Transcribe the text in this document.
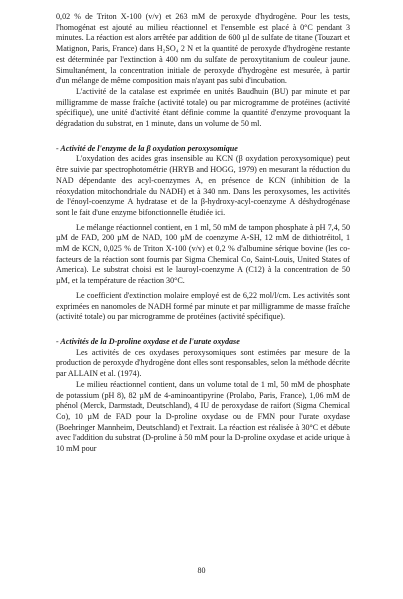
0,02 % de Triton X-100 (v/v) et 263 mM de peroxyde d'hydrogène. Pour les tests, l'homogénat est ajouté au milieu réactionnel et l'ensemble est placé à 0°C pendant 3 minutes. La réaction est alors arrêtée par addition de 600 µl de sulfate de titane (Touzart et Matignon, Paris, France) dans H₂SO₄ 2 N et la quantité de peroxyde d'hydrogène restante est déterminée par l'extinction à 400 nm du sulfate de peroxytitanium de couleur jaune. Simultanément, la concentration initiale de peroxyde d'hydrogène est mesurée, à partir d'un mélange de même composition mais n'ayant pas subi d'incubation.

L'activité de la catalase est exprimée en unités Baudhuin (BU) par minute et par milligramme de masse fraîche (activité totale) ou par microgramme de protéines (activité spécifique), une unité d'activité étant définie comme la quantité d'enzyme provoquant la dégradation du substrat, en 1 minute, dans un volume de 50 ml.

- Activité de l'enzyme de la β oxydation peroxysomique

L'oxydation des acides gras insensible au KCN (β oxydation peroxysomique) peut être suivie par spectrophotométrie (HRYB and HOGG, 1979) en mesurant la réduction du NAD dépendante des acyl-coenzymes A, en présence de KCN (inhibition de la réoxydation mitochondriale du NADH) et à 340 nm. Dans les peroxysomes, les activités de l'énoyl-coenzyme A hydratase et de la β-hydroxy-acyl-coenzyme A déshydrogénase sont le fait d'une enzyme bifonctionnelle étudiée ici.

Le mélange réactionnel contient, en 1 ml, 50 mM de tampon phosphate à pH 7,4, 50 µM de FAD, 200 µM de NAD, 100 µM de coenzyme A-SH, 12 mM de dithiotréitol, 1 mM de KCN, 0,025 % de Triton X-100 (v/v) et 0,2 % d'albumine sérique bovine (les co-facteurs de la réaction sont fournis par Sigma Chemical Co, Saint-Louis, United States of America). Le substrat choisi est le lauroyl-coenzyme A (C12) à la concentration de 50 µM, et la température de réaction 30°C.

Le coefficient d'extinction molaire employé est de 6,22 mol/l/cm. Les activités sont exprimées en nanomoles de NADH formé par minute et par milligramme de masse fraîche (activité totale) ou par microgramme de protéines (activité spécifique).

- Activités de la D-proline oxydase et de l'urate oxydase

Les activités de ces oxydases peroxysomiques sont estimées par mesure de la production de peroxyde d'hydrogène dont elles sont responsables, selon la méthode décrite par ALLAIN et al. (1974).

Le milieu réactionnel contient, dans un volume total de 1 ml, 50 mM de phosphate de potassium (pH 8), 82 µM de 4-aminoantipyrine (Prolabo, Paris, France), 1,06 mM de phénol (Merck, Darmstadt, Deutschland), 4 IU de peroxydase de raifort (Sigma Chemical Co), 10 µM de FAD pour la D-proline oxydase ou de FMN pour l'urate oxydase (Boehringer Mannheim, Deutschland) et l'extrait. La réaction est réalisée à 30°C et débute avec l'addition du substrat (D-proline à 50 mM pour la D-proline oxydase et acide urique à 10 mM pour

80
